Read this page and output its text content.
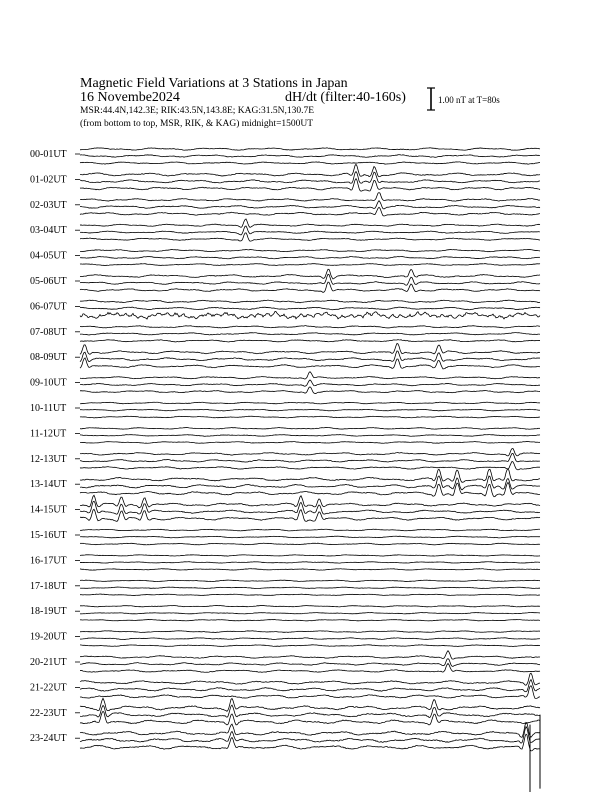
Magnetic Field Variations at 3 Stations in Japan
16 Novembe2024	dH/dt (filter:40-160s)
MSR:44.4N,142.3E; RIK:43.5N,143.8E; KAG:31.5N,130.7E
(from bottom to top, MSR, RIK, & KAG) midnight=1500UT
1.00 nT at T=80s
00-01UT
01-02UT
02-03UT
03-04UT
04-05UT
05-06UT
06-07UT
07-08UT
08-09UT
09-10UT
10-11UT
11-12UT
12-13UT
13-14UT
14-15UT
15-16UT
16-17UT
17-18UT
18-19UT
19-20UT
20-21UT
21-22UT
22-23UT
23-24UT
